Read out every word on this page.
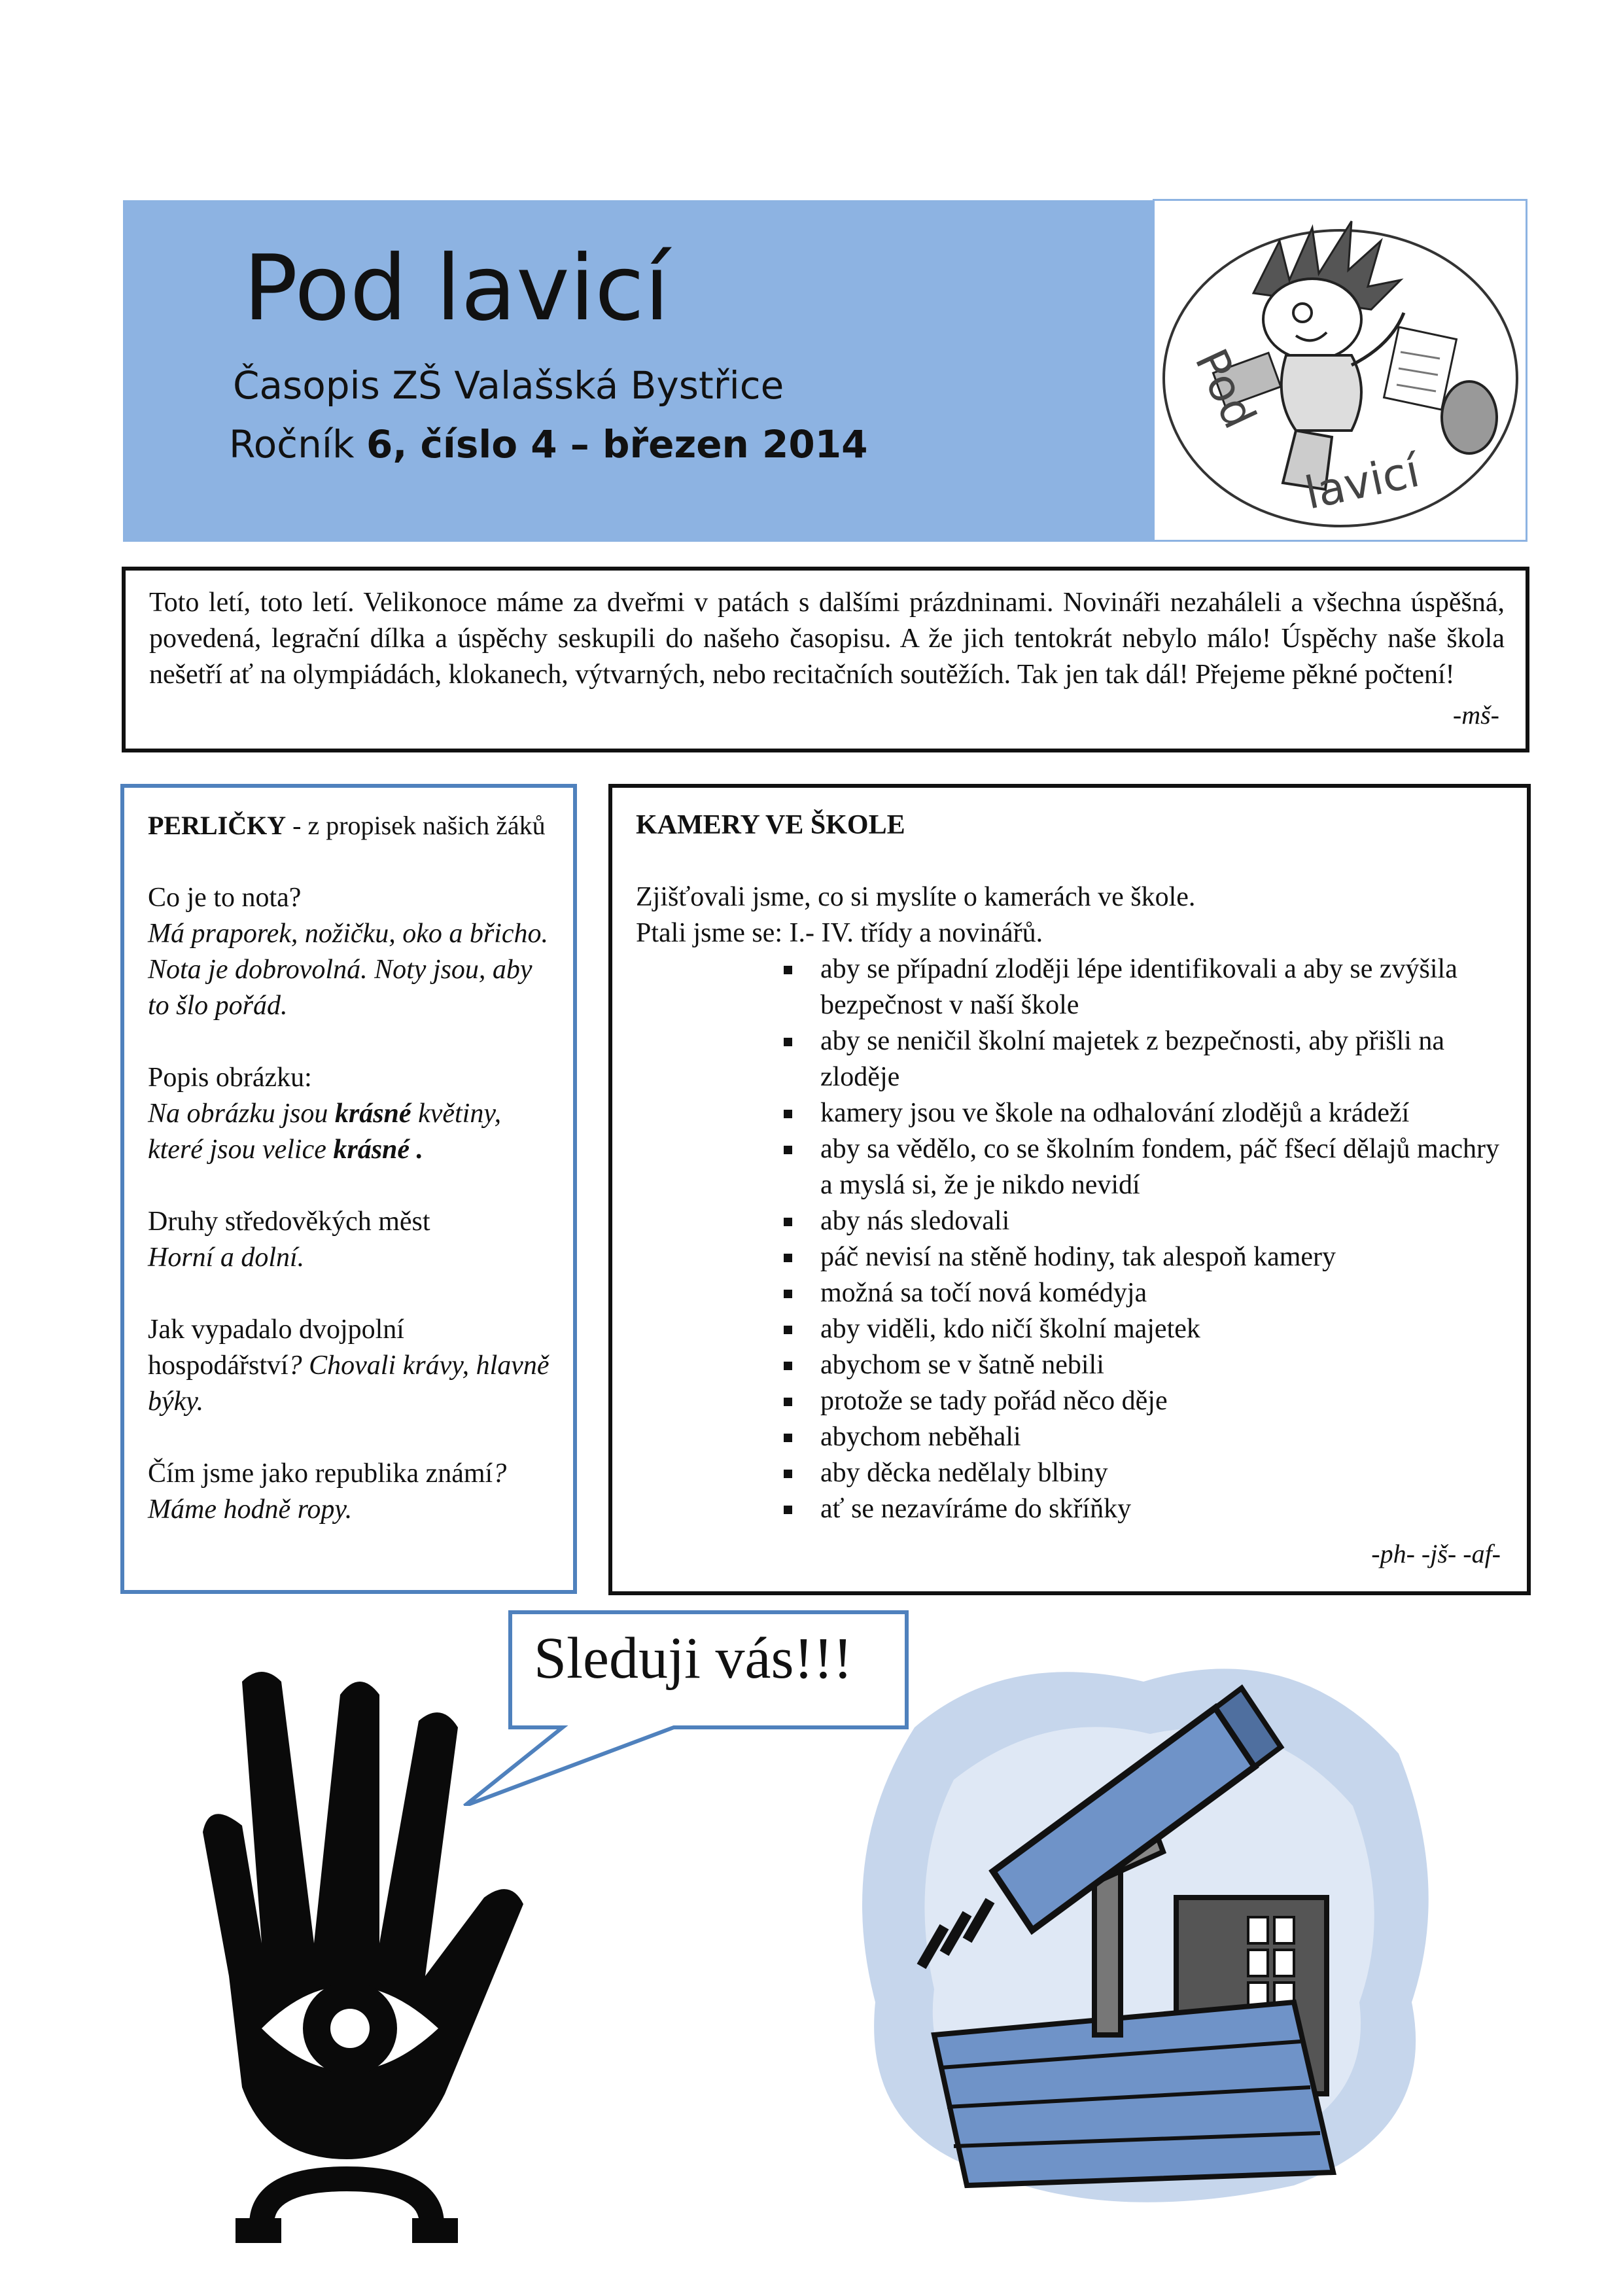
Pod
lavicí
Pod lavicí
Časopis ZŠ Valašská Bystřice
Ročník 6, číslo 4 – březen 2014

Toto letí, toto letí. Velikonoce máme za dveřmi v patách s dalšími prázdninami. Novináři nezaháleli a všechna úspěšná, povedená, legrační dílka a úspěchy seskupili do našeho časopisu. A že jich tentokrát nebylo málo! Úspěchy naše škola nešetří ať na olympiádách, klokanech, výtvarných, nebo recitačních soutěžích. Tak jen tak dál! Přejeme pěkné počtení!

-mš-

PERLIČKY - z propisek našich žáků

Co je to nota?
Má praporek, nožičku, oko a břicho. Nota je dobrovolná. Noty jsou, aby to šlo pořád.

Popis obrázku:
Na obrázku jsou krásné květiny, které jsou velice krásné .

Druhy středověkých měst
Horní a dolní.

Jak vypadalo dvojpolní hospodářství? Chovali krávy, hlavně býky.

Čím jsme jako republika známí? Máme hodně ropy.

KAMERY VE ŠKOLE

Zjišťovali jsme, co si myslíte o kamerách ve škole.

Ptali jsme se: I.- IV. třídy a novinářů.

aby se případní zloději lépe identifikovali a aby se zvýšila bezpečnost v naší škole
aby se neničil školní majetek z bezpečnosti, aby přišli na zloděje
kamery jsou ve škole na odhalování zlodějů a krádeží
aby sa vědělo, co se školním fondem, páč fšecí dělajů machry a myslá si, že je nikdo nevidí
aby nás sledovali
páč nevisí na stěně hodiny, tak alespoň kamery
možná sa točí nová komédyja
aby viděli, kdo ničí školní majetek
abychom se v šatně nebili
protože se tady pořád něco děje
abychom neběhali
aby děcka nedělaly blbiny
ať se nezavíráme do skříňky
-ph- -jš- -af-
Sleduji vás!!!
